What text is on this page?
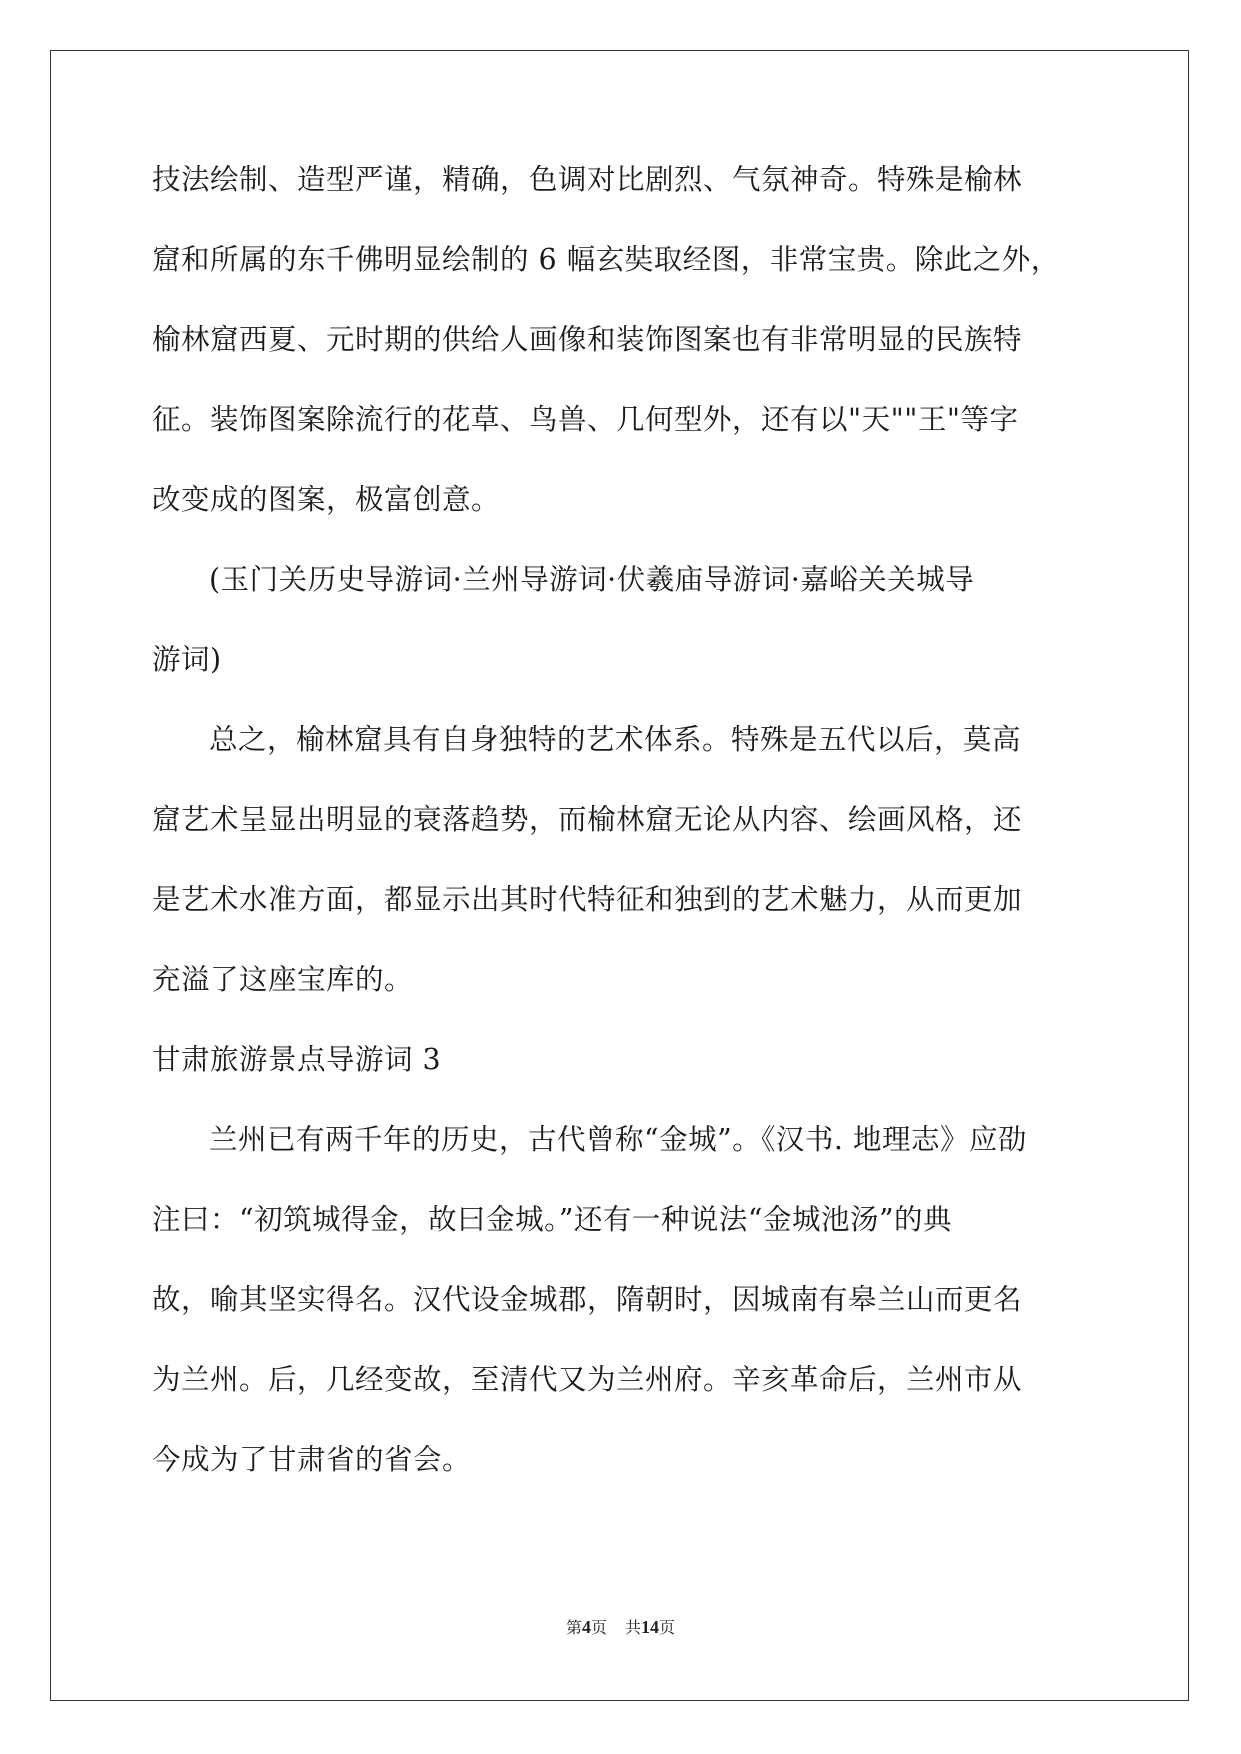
技法绘制、造型严谨，精确，色调对比剧烈、气氛神奇。特殊是榆林
窟和所属的东千佛明显绘制的 6 幅玄奘取经图，非常宝贵。除此之外，
榆林窟西夏、元时期的供给人画像和装饰图案也有非常明显的民族特
征。装饰图案除流行的花草、鸟兽、几何型外，还有以"天""王"等字
改变成的图案，极富创意。
(玉门关历史导游词·兰州导游词·伏羲庙导游词·嘉峪关关城导
游词)
总之，榆林窟具有自身独特的艺术体系。特殊是五代以后，莫高
窟艺术呈显出明显的衰落趋势，而榆林窟无论从内容、绘画风格，还
是艺术水准方面，都显示出其时代特征和独到的艺术魅力，从而更加
充溢了这座宝库的。
甘肃旅游景点导游词 3
兰州已有两千年的历史，古代曾称“金城”。《汉书. 地理志》应劭
注曰：“初筑城得金，故曰金城。”还有一种说法“金城池汤”的典
故，喻其坚实得名。汉代设金城郡，隋朝时，因城南有皋兰山而更名
为兰州。后，几经变故，至清代又为兰州府。辛亥革命后，兰州市从
今成为了甘肃省的省会。
第4页 共14页
